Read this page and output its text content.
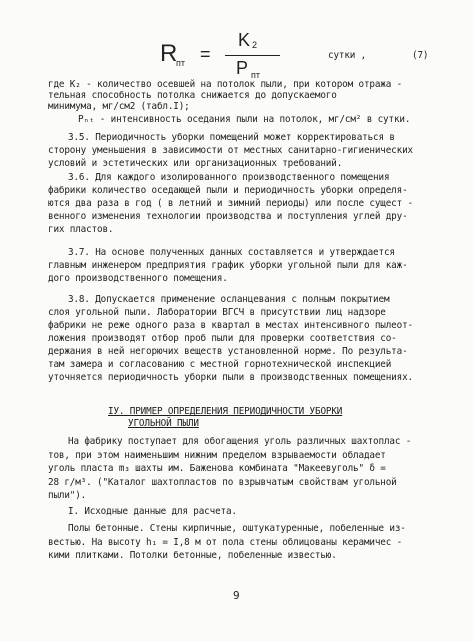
R
пт =
K 2
P пт
сутки ,	(7)
где K₂ - количество осевшей на потолок пыли, при котором отража -
тельная способность потолка снижается до допускаемого
минимума, мг/см2 (табл.I);
Pₙₜ - интенсивность оседания пыли на потолок, мг/см² в сутки.
3.5. Периодичность уборки помещений может корректироваться в
сторону уменьшения в зависимости от местных санитарно-гигиенических
условий и эстетических или организационных требований.
3.6. Для каждого изолированного производственного помещения
фабрики количество оседающей пыли и периодичность уборки определя-
ются два раза в год ( в летний и зимний периоды) или после сущест -
венного изменения технологии производства и поступления углей дру-
гих пластов.
3.7. На основе полученных данных составляется и утверждается
главным инженером предприятия график уборки угольной пыли для каж-
дого производственного помещения.
3.8. Допускается применение осланцевания с полным покрытием
слоя угольной пыли. Лаборатории ВГСЧ в присутствии лиц надзоре
фабрики не реже одного раза в квартал в местах интенсивного пылеот-
ложения производят отбор проб пыли для проверки соответствия со-
держания в ней негорючих веществ установленной норме. По результа-
там замера и согласованию с местной горнотехнической инспекцией
уточняется периодичность уборки пыли в производственных помещениях.
IУ. ПРИМЕР ОПРЕДЕЛЕНИЯ ПЕРИОДИЧНОСТИ УБОРКИ
УГОЛЬНОЙ ПЫЛИ
На фабрику поступает для обогащения уголь различных шахтоплас -
тов, при этом наименьшим нижним пределом взрываемости обладает
уголь пласта m₃ шахты им. Баженова комбината "Макеевуголь" δ =
28 г/м³. ("Каталог шахтопластов по взрывчатым свойствам угольной
пыли").
I. Исходные данные для расчета.
Полы бетонные. Стены кирпичные, оштукатуренные, побеленные из-
вестью. На высоту h₁ = I,8 м от пола стены облицованы керамичес -
кими плитками. Потолки бетонные, побеленные известью.
9
